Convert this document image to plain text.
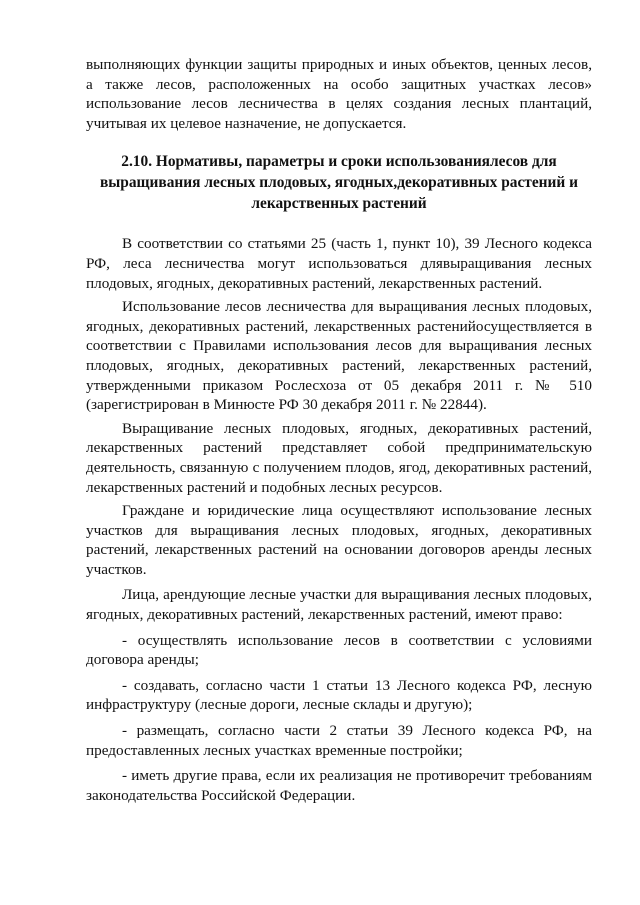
выполняющих функции защиты природных и иных объектов, ценных лесов, а также лесов, расположенных на особо защитных участках лесов» использование лесов лесничества в целях создания лесных плантаций, учитывая их целевое назначение, не допускается.

2.10. Нормативы, параметры и сроки использованиялесов для выращивания лесных плодовых, ягодных,декоративных растений и лекарственных растений

В соответствии со статьями 25 (часть 1, пункт 10), 39 Лесного кодекса РФ, леса лесничества могут использоваться длявыращивания лесных плодовых, ягодных, декоративных растений, лекарственных растений.

Использование лесов лесничества для выращивания лесных плодовых, ягодных, декоративных растений, лекарственных растенийосуществляется в соответствии с Правилами использования лесов для выращивания лесных плодовых, ягодных, декоративных растений, лекарственных растений, утвержденными приказом Рослесхоза от 05 декабря 2011 г. № 510 (зарегистрирован в Минюсте РФ 30 декабря 2011 г. № 22844).

Выращивание лесных плодовых, ягодных, декоративных растений, лекарственных растений представляет собой предпринимательскую деятельность, связанную с получением плодов, ягод, декоративных растений, лекарственных растений и подобных лесных ресурсов.

Граждане и юридические лица осуществляют использование лесных участков для выращивания лесных плодовых, ягодных, декоративных растений, лекарственных растений на основании договоров аренды лесных участков.

Лица, арендующие лесные участки для выращивания лесных плодовых, ягодных, декоративных растений, лекарственных растений, имеют право:

- осуществлять использование лесов в соответствии с условиями договора аренды;

- создавать, согласно части 1 статьи 13 Лесного кодекса РФ, лесную инфраструктуру (лесные дороги, лесные склады и другую);

- размещать, согласно части 2 статьи 39 Лесного кодекса РФ, на предоставленных лесных участках временные постройки;

- иметь другие права, если их реализация не противоречит требованиям законодательства Российской Федерации.
